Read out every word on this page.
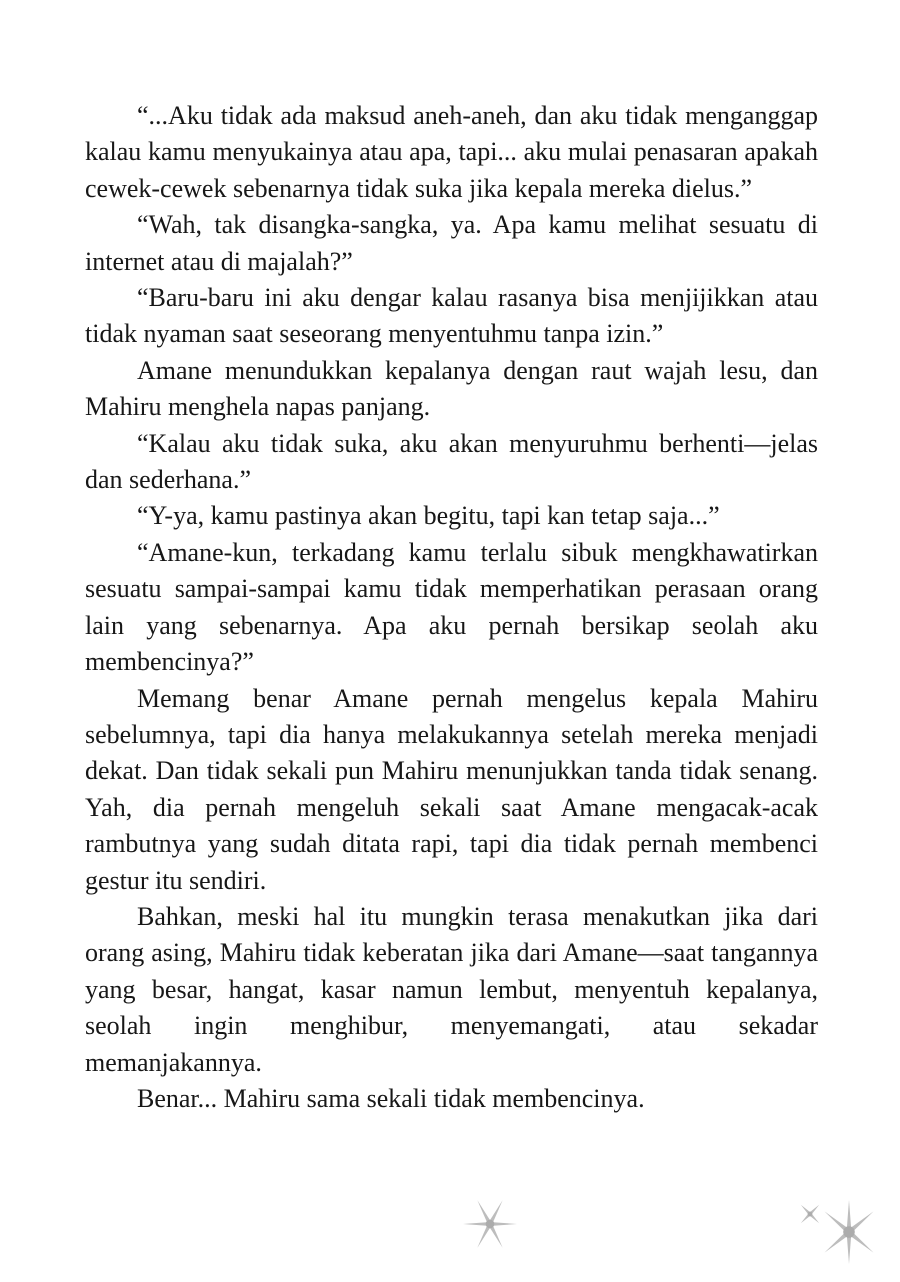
“...Aku tidak ada maksud aneh-aneh, dan aku tidak menganggap kalau kamu menyukainya atau apa, tapi... aku mulai penasaran apakah cewek-cewek sebenarnya tidak suka jika kepala mereka dielus.”

“Wah, tak disangka-sangka, ya. Apa kamu melihat sesuatu di internet atau di majalah?”

“Baru-baru ini aku dengar kalau rasanya bisa menjijikkan atau tidak nyaman saat seseorang menyentuhmu tanpa izin.”

Amane menundukkan kepalanya dengan raut wajah lesu, dan Mahiru menghela napas panjang.

“Kalau aku tidak suka, aku akan menyuruhmu berhenti—jelas dan sederhana.”

“Y-ya, kamu pastinya akan begitu, tapi kan tetap saja...”

“Amane-kun, terkadang kamu terlalu sibuk mengkhawatirkan sesuatu sampai-sampai kamu tidak memperhatikan perasaan orang lain yang sebenarnya. Apa aku pernah bersikap seolah aku membencinya?”

Memang benar Amane pernah mengelus kepala Mahiru sebelumnya, tapi dia hanya melakukannya setelah mereka menjadi dekat. Dan tidak sekali pun Mahiru menunjukkan tanda tidak senang. Yah, dia pernah mengeluh sekali saat Amane mengacak-acak rambutnya yang sudah ditata rapi, tapi dia tidak pernah membenci gestur itu sendiri.

Bahkan, meski hal itu mungkin terasa menakutkan jika dari orang asing, Mahiru tidak keberatan jika dari Amane—saat tangannya yang besar, hangat, kasar namun lembut, menyentuh kepalanya, seolah ingin menghibur, menyemangati, atau sekadar memanjakannya.

Benar... Mahiru sama sekali tidak membencinya.
